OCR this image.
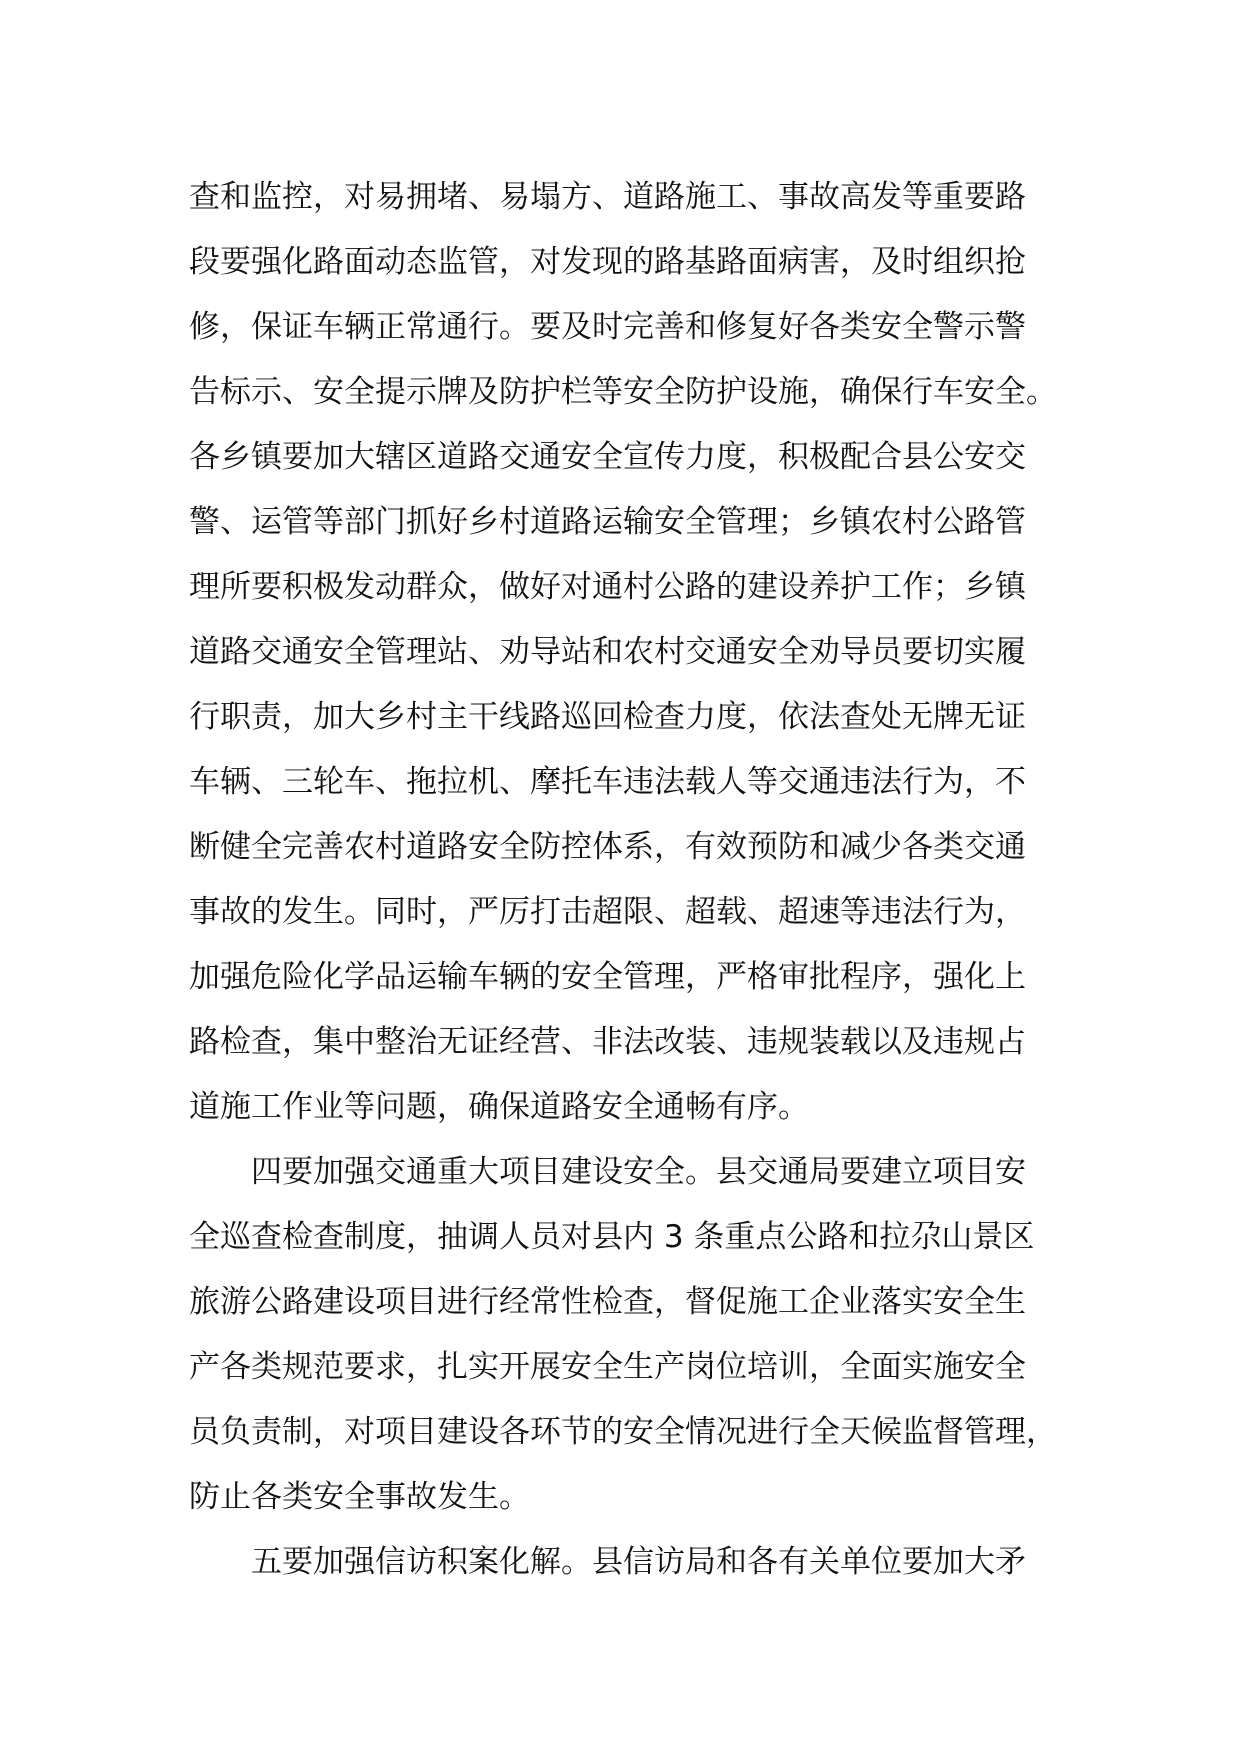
查和监控，对易拥堵、易塌方、道路施工、事故高发等重要路
段要强化路面动态监管，对发现的路基路面病害，及时组织抢
修，保证车辆正常通行。要及时完善和修复好各类安全警示警
告标示、安全提示牌及防护栏等安全防护设施，确保行车安全。
各乡镇要加大辖区道路交通安全宣传力度，积极配合县公安交
警、运管等部门抓好乡村道路运输安全管理；乡镇农村公路管
理所要积极发动群众，做好对通村公路的建设养护工作；乡镇
道路交通安全管理站、劝导站和农村交通安全劝导员要切实履
行职责，加大乡村主干线路巡回检查力度，依法查处无牌无证
车辆、三轮车、拖拉机、摩托车违法载人等交通违法行为，不
断健全完善农村道路安全防控体系，有效预防和减少各类交通
事故的发生。同时，严厉打击超限、超载、超速等违法行为，
加强危险化学品运输车辆的安全管理，严格审批程序，强化上
路检查，集中整治无证经营、非法改装、违规装载以及违规占
道施工作业等问题，确保道路安全通畅有序。
四要加强交通重大项目建设安全。县交通局要建立项目安
全巡查检查制度，抽调人员对县内 3 条重点公路和拉尕山景区
旅游公路建设项目进行经常性检查，督促施工企业落实安全生
产各类规范要求，扎实开展安全生产岗位培训，全面实施安全
员负责制，对项目建设各环节的安全情况进行全天候监督管理，
防止各类安全事故发生。
五要加强信访积案化解。县信访局和各有关单位要加大矛
